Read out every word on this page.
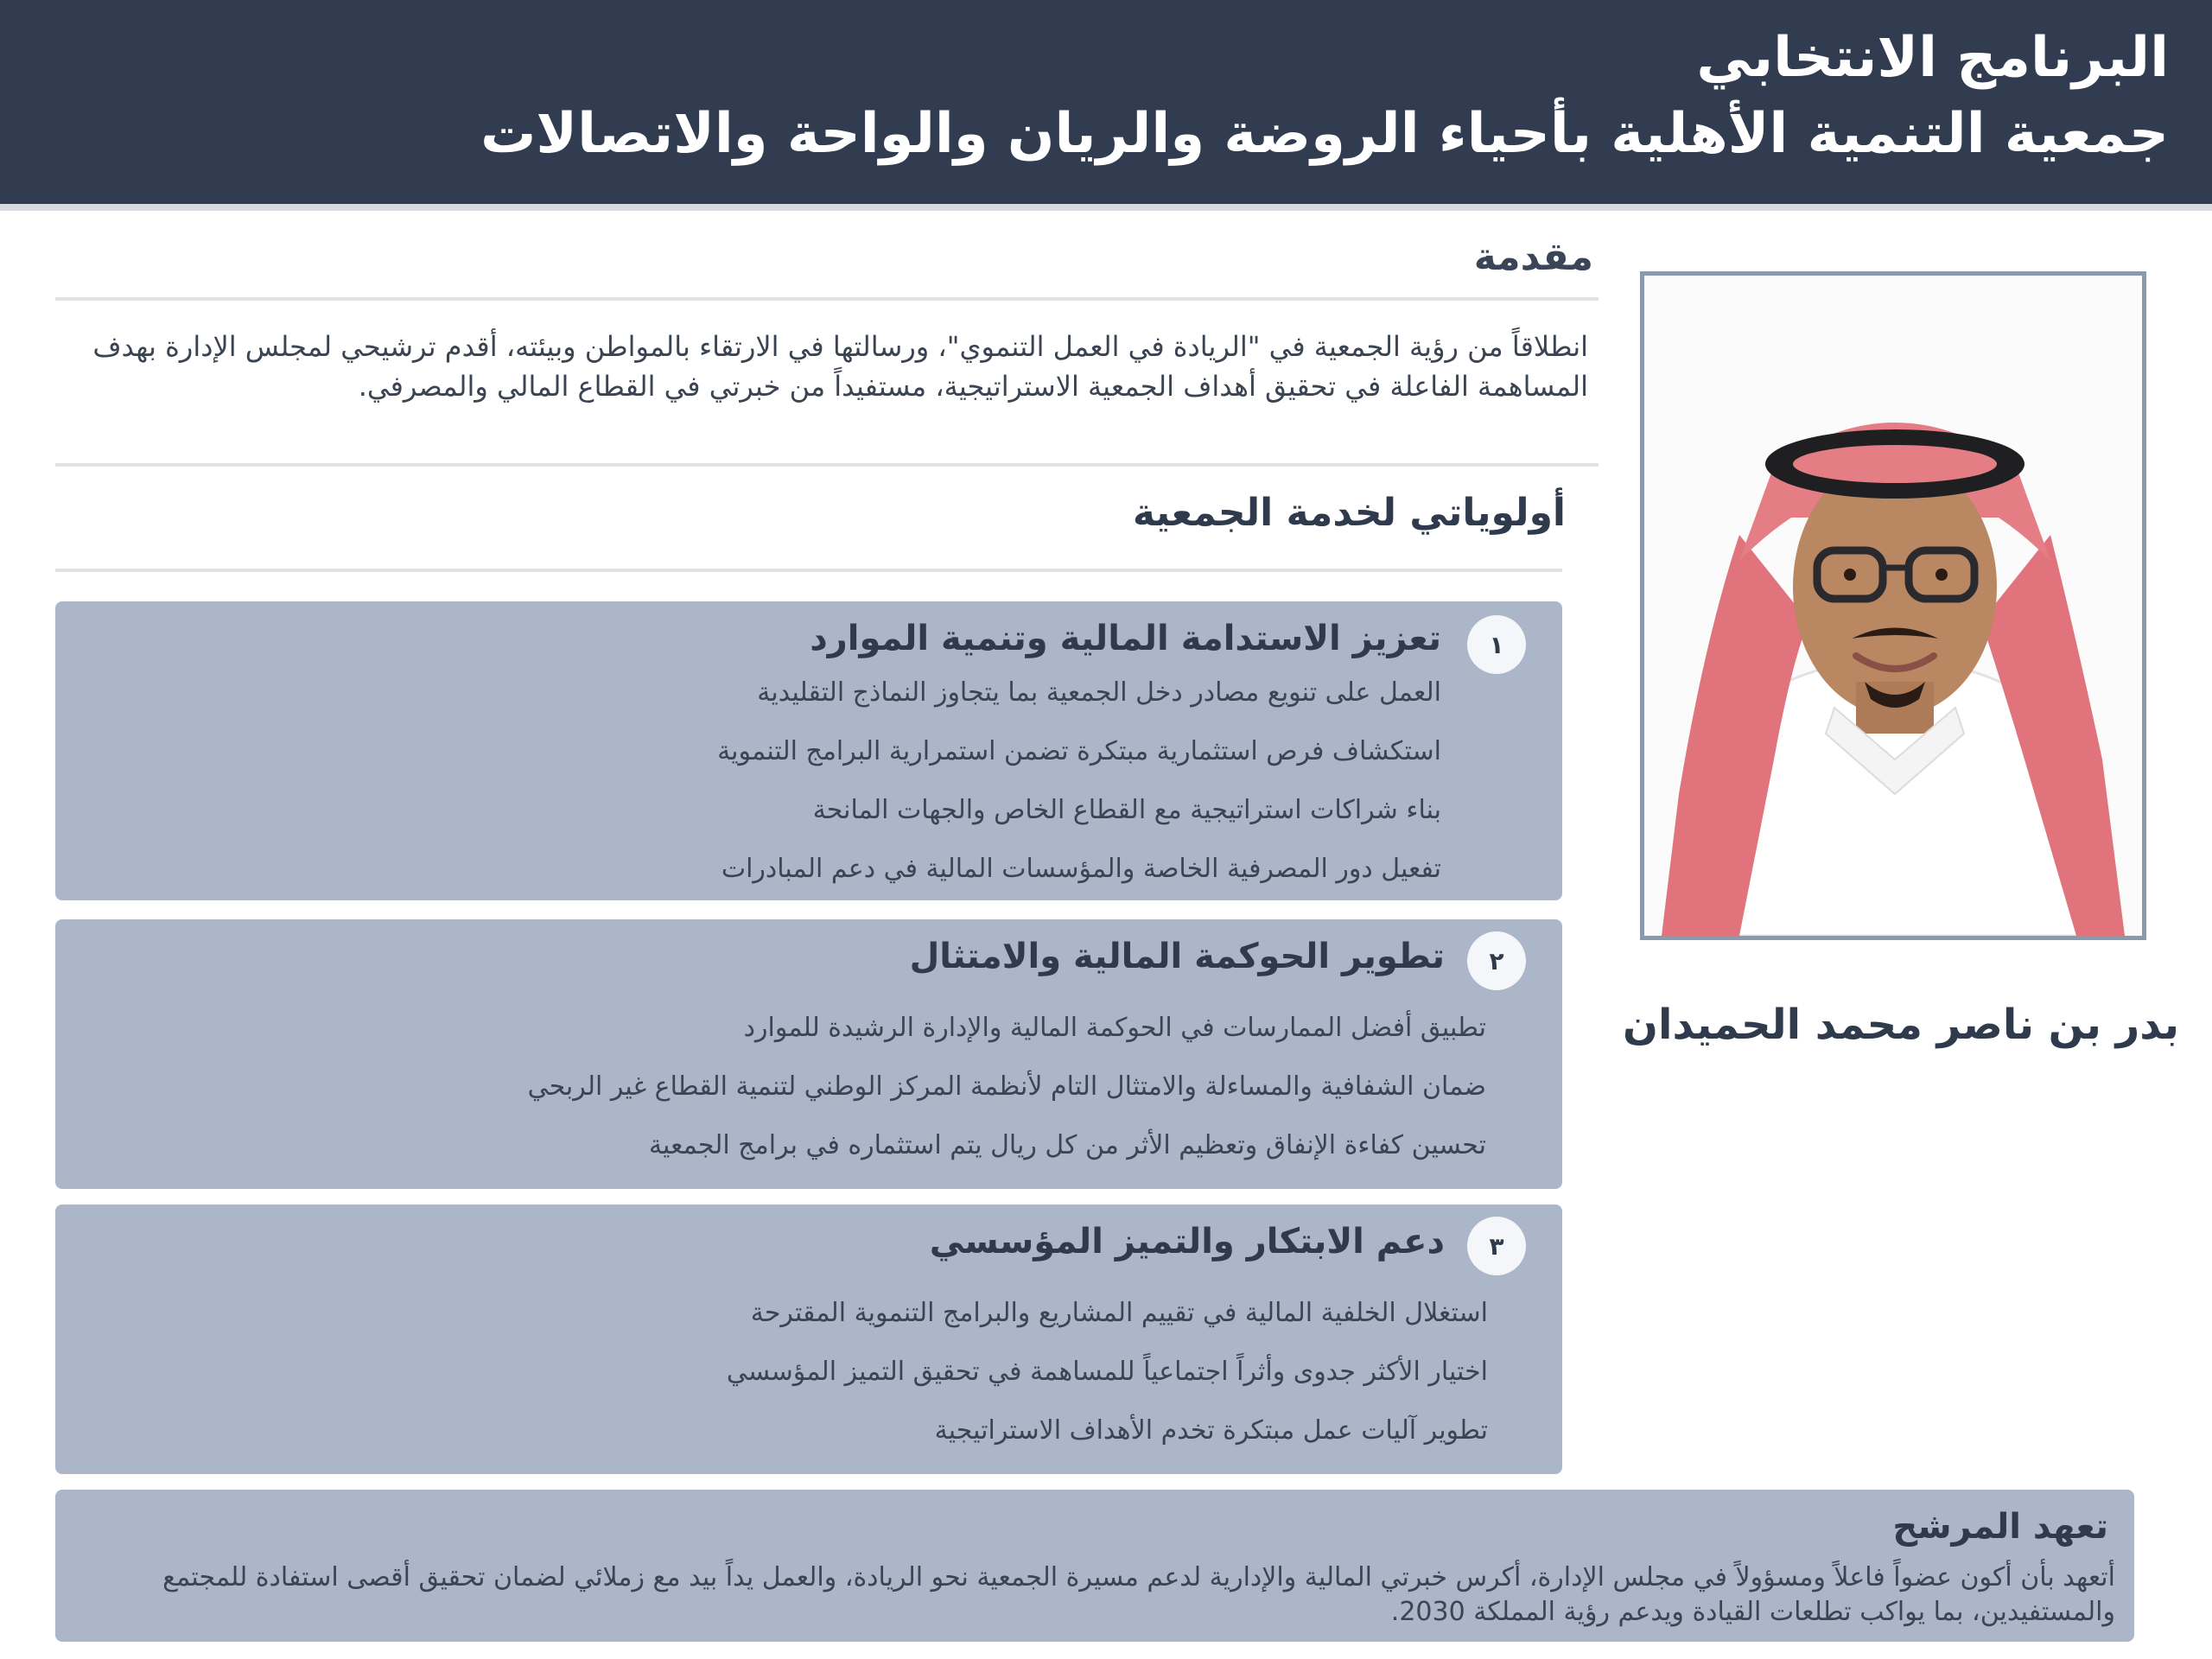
البرنامج الانتخابي
جمعية التنمية الأهلية بأحياء الروضة والريان والواحة والاتصالات
بدر بن ناصر محمد الحميدان
مقدمة
انطلاقاً من رؤية الجمعية في "الريادة في العمل التنموي"، ورسالتها في الارتقاء بالمواطن وبيئته، أقدم ترشيحي لمجلس الإدارة بهدف المساهمة الفاعلة في تحقيق أهداف الجمعية الاستراتيجية، مستفيداً من خبرتي في القطاع المالي والمصرفي.
أولوياتي لخدمة الجمعية
١
تعزيز الاستدامة المالية وتنمية الموارد
العمل على تنويع مصادر دخل الجمعية بما يتجاوز النماذج التقليدية
استكشاف فرص استثمارية مبتكرة تضمن استمرارية البرامج التنموية
بناء شراكات استراتيجية مع القطاع الخاص والجهات المانحة
تفعيل دور المصرفية الخاصة والمؤسسات المالية في دعم المبادرات
٢
تطوير الحوكمة المالية والامتثال
تطبيق أفضل الممارسات في الحوكمة المالية والإدارة الرشيدة للموارد
ضمان الشفافية والمساءلة والامتثال التام لأنظمة المركز الوطني لتنمية القطاع غير الربحي
تحسين كفاءة الإنفاق وتعظيم الأثر من كل ريال يتم استثماره في برامج الجمعية
٣
دعم الابتكار والتميز المؤسسي
استغلال الخلفية المالية في تقييم المشاريع والبرامج التنموية المقترحة
اختيار الأكثر جدوى وأثراً اجتماعياً للمساهمة في تحقيق التميز المؤسسي
تطوير آليات عمل مبتكرة تخدم الأهداف الاستراتيجية
تعهد المرشح
أتعهد بأن أكون عضواً فاعلاً ومسؤولاً في مجلس الإدارة، أكرس خبرتي المالية والإدارية لدعم مسيرة الجمعية نحو الريادة، والعمل يداً بيد مع زملائي لضمان تحقيق أقصى استفادة للمجتمع والمستفيدين، بما يواكب تطلعات القيادة ويدعم رؤية المملكة 2030.
